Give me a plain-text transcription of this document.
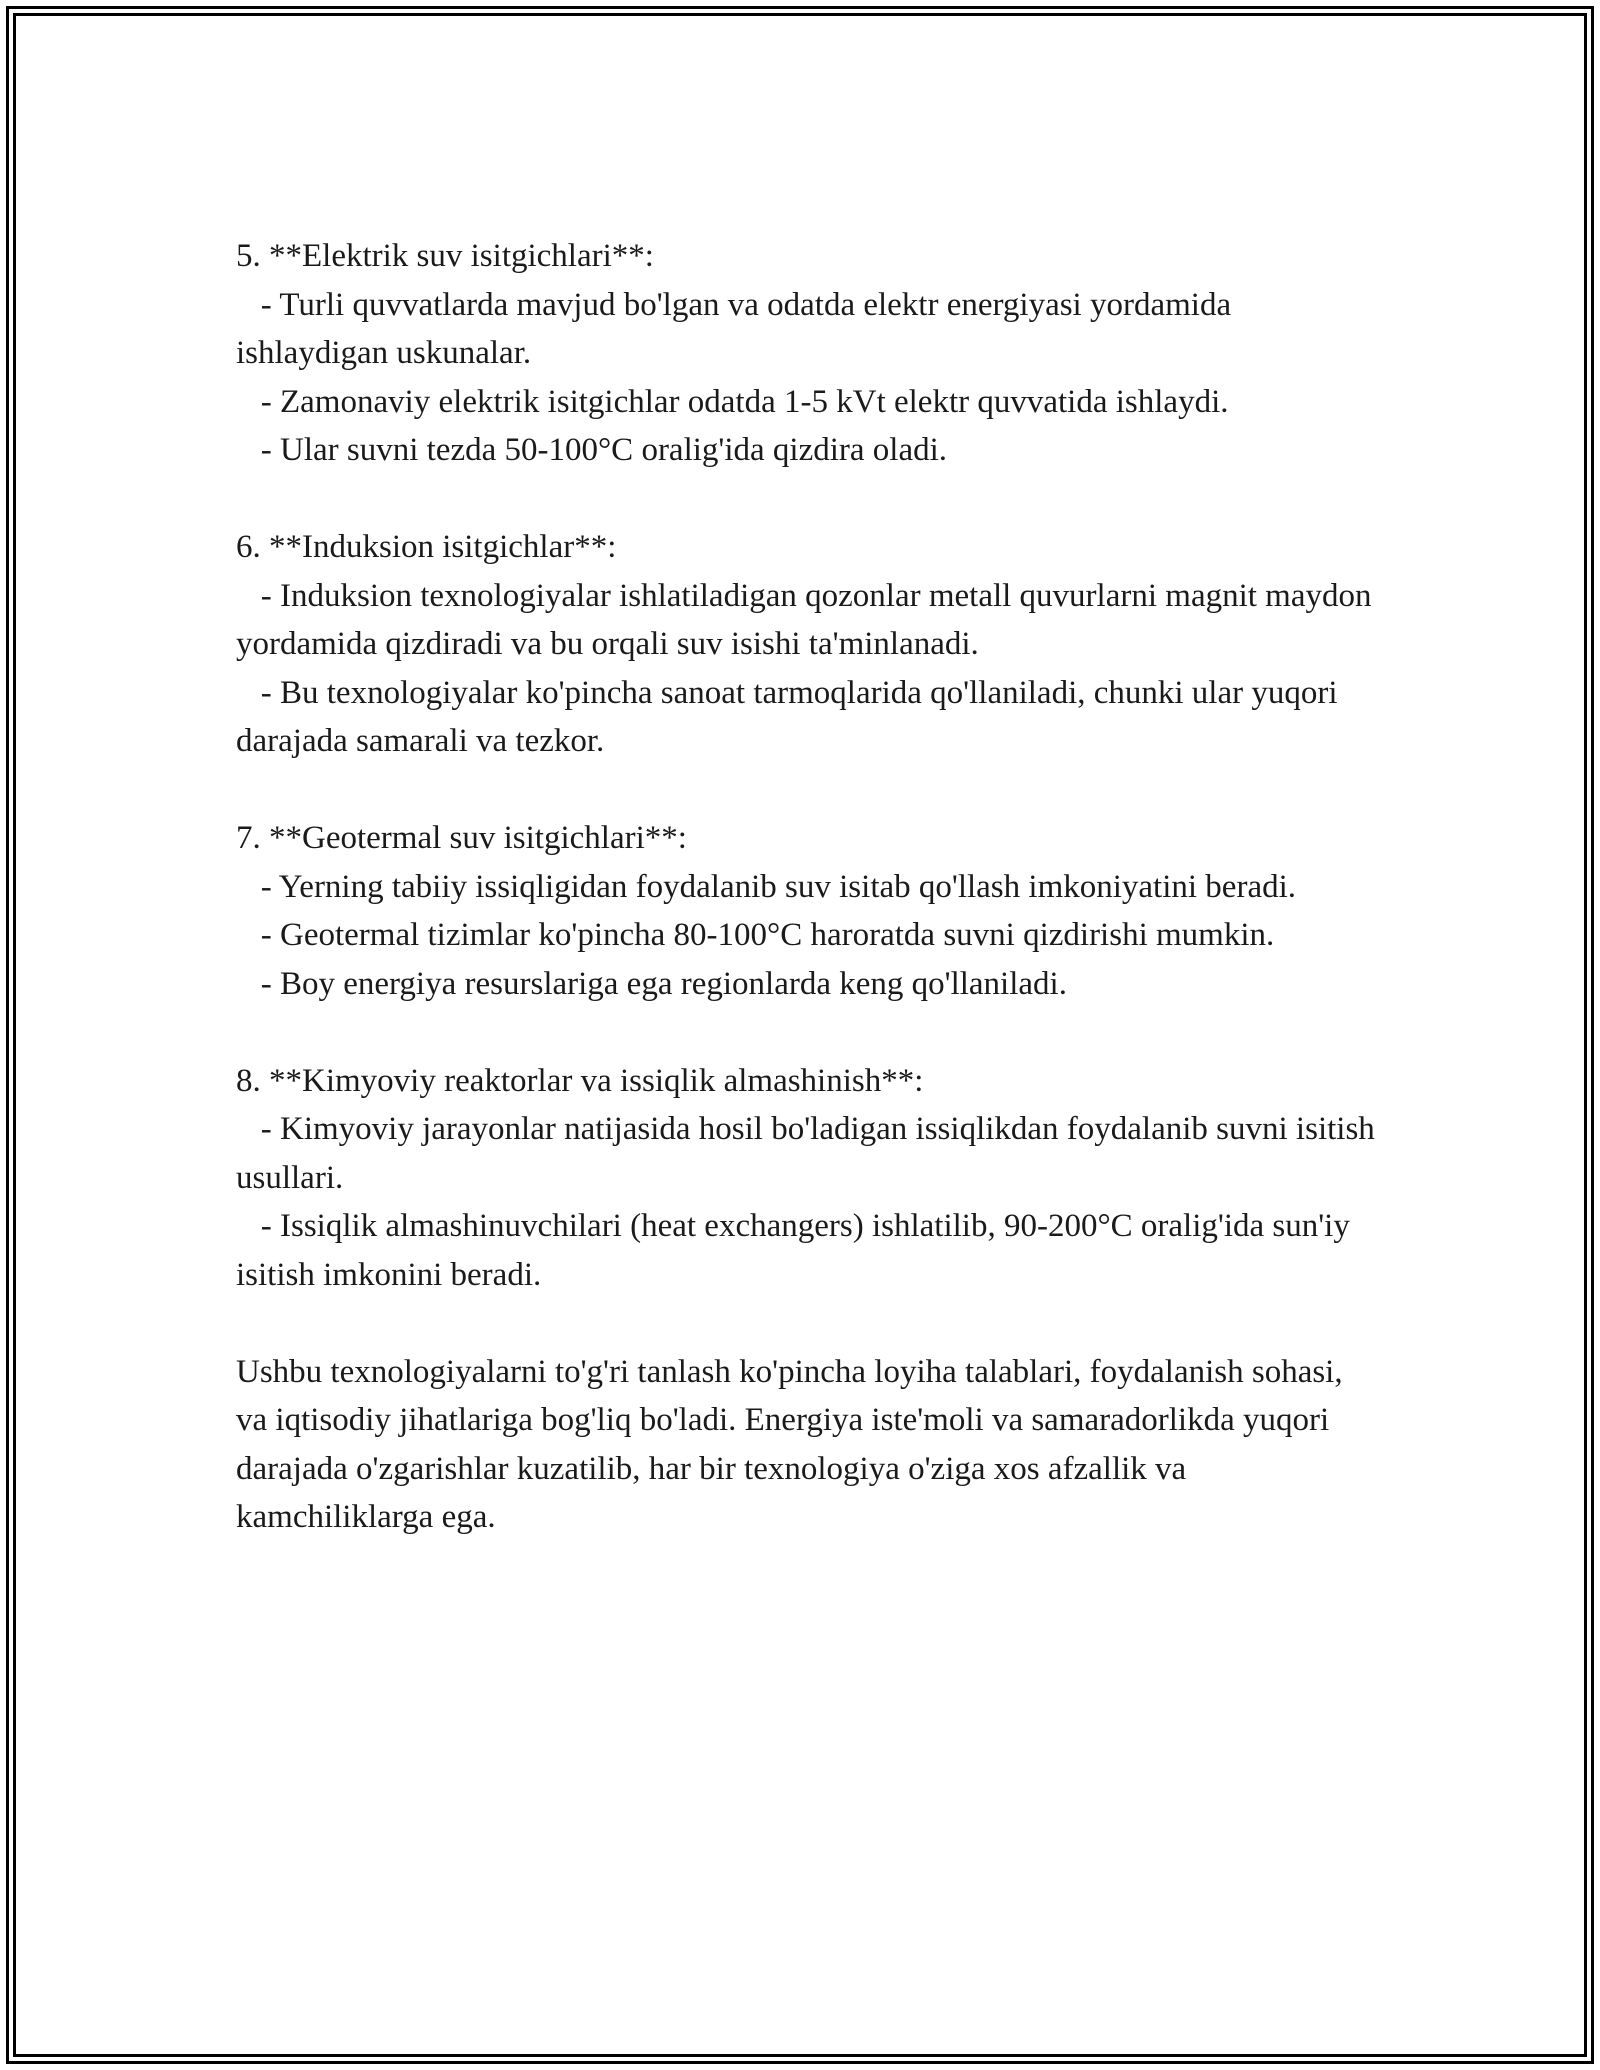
5. **Elektrik suv isitgichlari**:

- Turli quvvatlarda mavjud bo'lgan va odatda elektr energiyasi yordamida ishlaydigan uskunalar.

- Zamonaviy elektrik isitgichlar odatda 1-5 kVt elektr quvvatida ishlaydi.

- Ular suvni tezda 50-100°C oralig'ida qizdira oladi.

6. **Induksion isitgichlar**:

- Induksion texnologiyalar ishlatiladigan qozonlar metall quvurlarni magnit maydon yordamida qizdiradi va bu orqali suv isishi ta'minlanadi.

- Bu texnologiyalar ko'pincha sanoat tarmoqlarida qo'llaniladi, chunki ular yuqori darajada samarali va tezkor.

7. **Geotermal suv isitgichlari**:

- Yerning tabiiy issiqligidan foydalanib suv isitab qo'llash imkoniyatini beradi.

- Geotermal tizimlar ko'pincha 80-100°C haroratda suvni qizdirishi mumkin.

- Boy energiya resurslariga ega regionlarda keng qo'llaniladi.

8. **Kimyoviy reaktorlar va issiqlik almashinish**:

- Kimyoviy jarayonlar natijasida hosil bo'ladigan issiqlikdan foydalanib suvni isitish usullari.

- Issiqlik almashinuvchilari (heat exchangers) ishlatilib, 90-200°C oralig'ida sun'iy isitish imkonini beradi.

Ushbu texnologiyalarni to'g'ri tanlash ko'pincha loyiha talablari, foydalanish sohasi, va iqtisodiy jihatlariga bog'liq bo'ladi. Energiya iste'moli va samaradorlikda yuqori darajada o'zgarishlar kuzatilib, har bir texnologiya o'ziga xos afzallik va kamchiliklarga ega.
